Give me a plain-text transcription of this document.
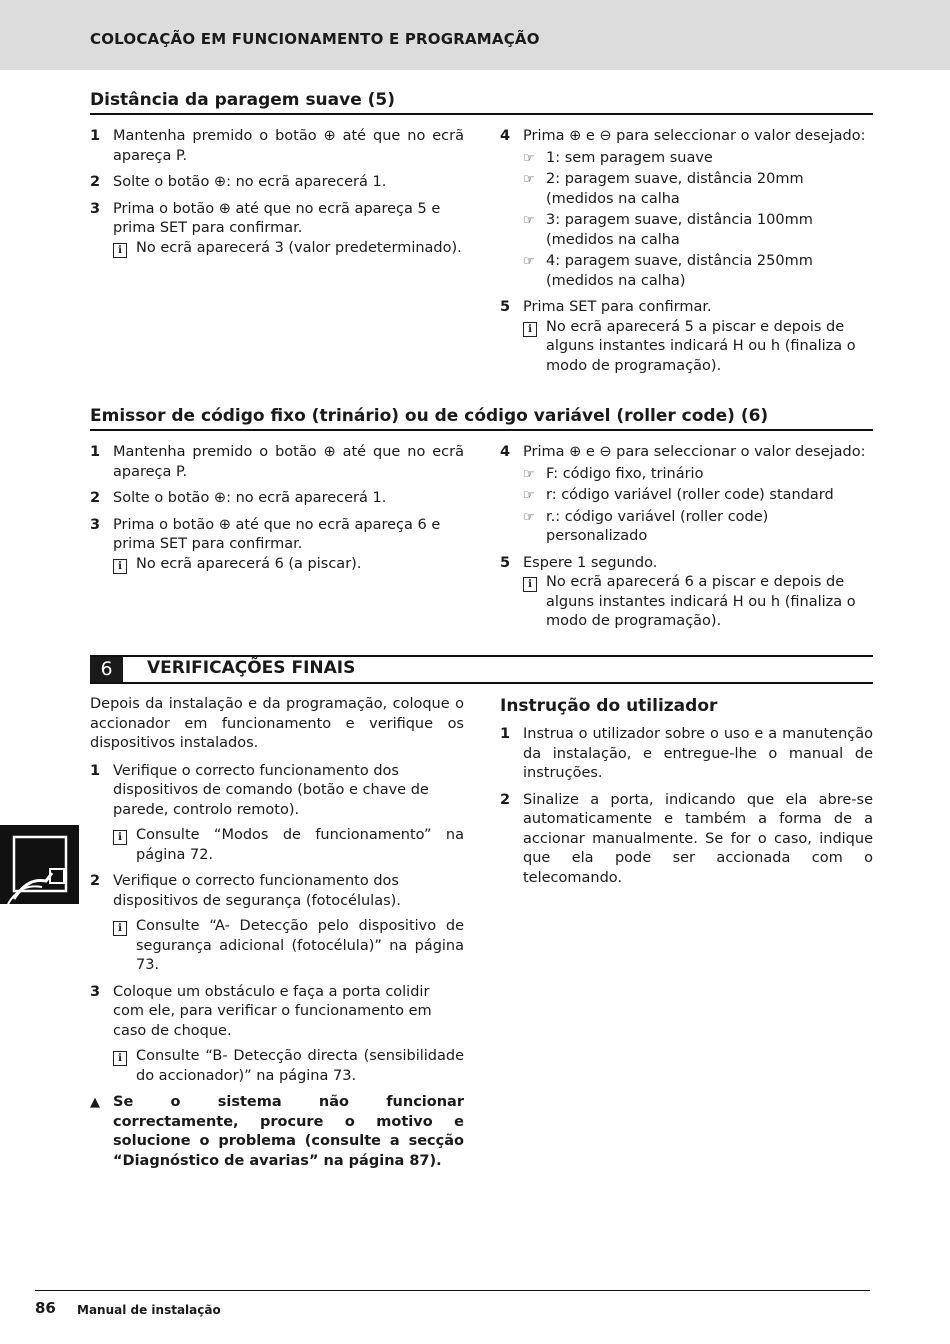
COLOCAÇÃO EM FUNCIONAMENTO E PROGRAMAÇÃO
Distância da paragem suave (5)
1 Mantenha premido o botão ⊕ até que no ecrã apareça P.
2 Solte o botão ⊕: no ecrã aparecerá 1.
3 Prima o botão ⊕ até que no ecrã apareça 5 e prima SET para confirmar.
i No ecrã aparecerá 3 (valor predeterminado).
4 Prima ⊕ e ⊖ para seleccionar o valor desejado:
☞ 1: sem paragem suave
☞ 2: paragem suave, distância 20mm (medidos na calha
☞ 3: paragem suave, distância 100mm (medidos na calha
☞ 4: paragem suave, distância 250mm (medidos na calha)
5 Prima SET para confirmar.
i No ecrã aparecerá 5 a piscar e depois de alguns instantes indicará H ou h (finaliza o modo de programação).
Emissor de código fixo (trinário) ou de código variável (roller code) (6)
1 Mantenha premido o botão ⊕ até que no ecrã apareça P.
2 Solte o botão ⊕: no ecrã aparecerá 1.
3 Prima o botão ⊕ até que no ecrã apareça 6 e prima SET para confirmar.
i No ecrã aparecerá 6 (a piscar).
4 Prima ⊕ e ⊖ para seleccionar o valor desejado:
☞ F: código fixo, trinário
☞ r: código variável (roller code) standard
☞ r.: código variável (roller code) personalizado
5 Espere 1 segundo.
i No ecrã aparecerá 6 a piscar e depois de alguns instantes indicará H ou h (finaliza o modo de programação).
6	VERIFICAÇÕES FINAIS
Depois da instalação e da programação, coloque o accionador em funcionamento e verifique os dispositivos instalados.
1 Verifique o correcto funcionamento dos dispositivos de comando (botão e chave de parede, controlo remoto).
i Consulte “Modos de funcionamento” na página 72.
2 Verifique o correcto funcionamento dos dispositivos de segurança (fotocélulas).
i Consulte “A- Detecção pelo dispositivo de segurança adicional (fotocélula)” na página 73.
3 Coloque um obstáculo e faça a porta colidir com ele, para verificar o funcionamento em caso de choque.
i Consulte “B- Detecção directa (sensibilidade do accionador)” na página 73.
▲ Se o sistema não funcionar correctamente, procure o motivo e solucione o problema (consulte a secção “Diagnóstico de avarias” na página 87).
Instrução do utilizador
1 Instrua o utilizador sobre o uso e a manutenção da instalação, e entregue-lhe o manual de instruções.
2 Sinalize a porta, indicando que ela abre-se automaticamente e também a forma de a accionar manualmente. Se for o caso, indique que ela pode ser accionada com o telecomando.
86 Manual de instalação
